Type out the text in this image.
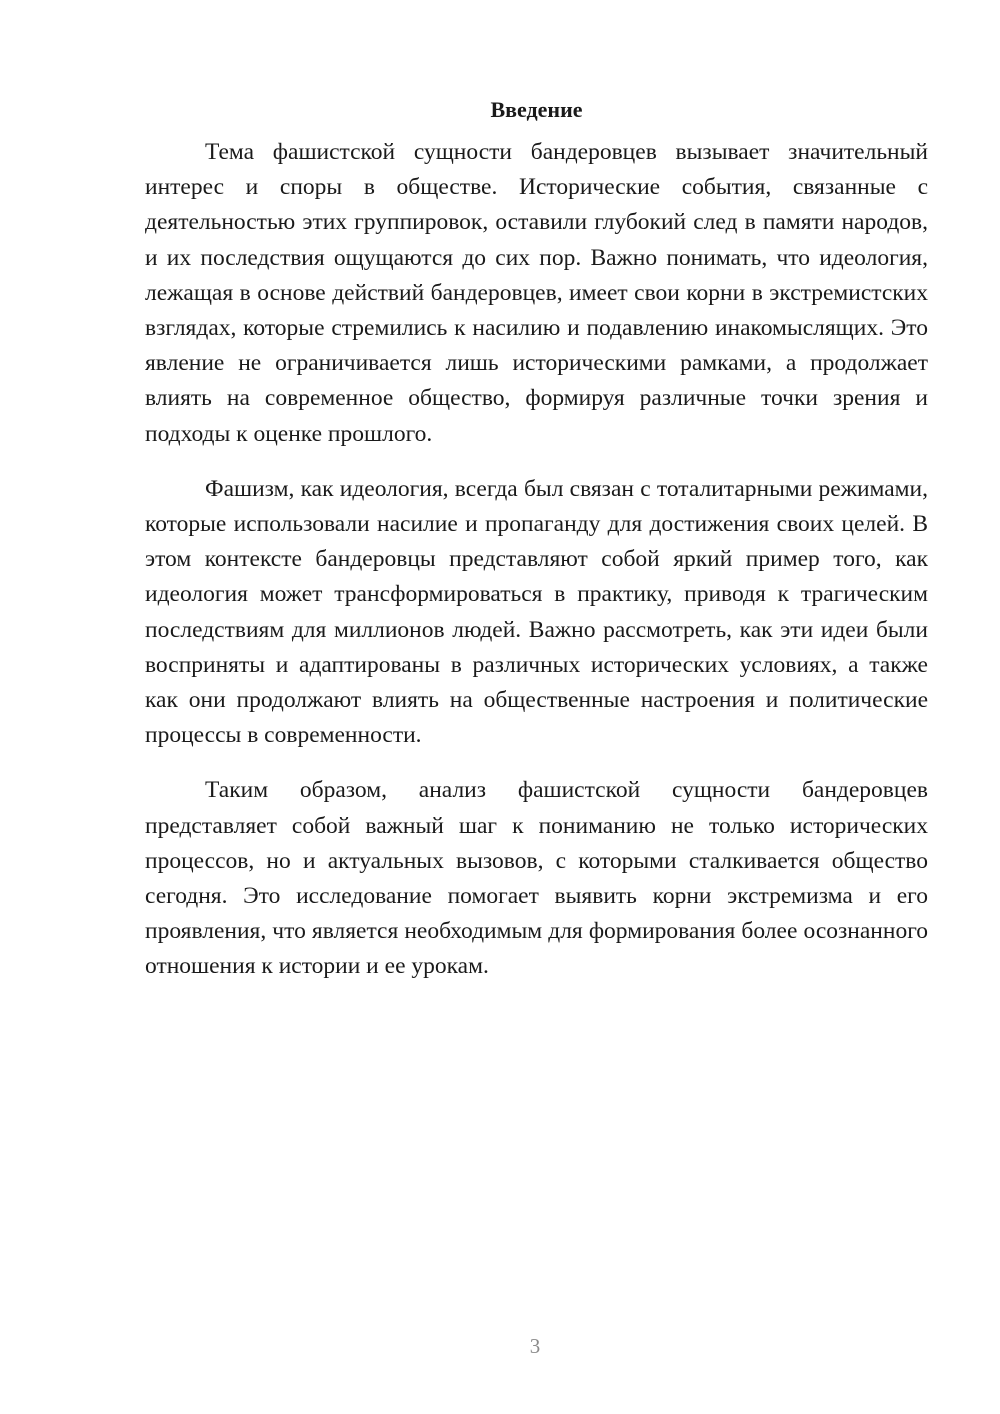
Введение

Тема фашистской сущности бандеровцев вызывает значительный интерес и споры в обществе. Исторические события, связанные с деятельностью этих группировок, оставили глубокий след в памяти народов, и их последствия ощущаются до сих пор. Важно понимать, что идеология, лежащая в основе действий бандеровцев, имеет свои корни в экстремистских взглядах, которые стремились к насилию и подавлению инакомыслящих. Это явление не ограничивается лишь историческими рамками, а продолжает влиять на современное общество, формируя различные точки зрения и подходы к оценке прошлого.

Фашизм, как идеология, всегда был связан с тоталитарными режимами, которые использовали насилие и пропаганду для достижения своих целей. В этом контексте бандеровцы представляют собой яркий пример того, как идеология может трансформироваться в практику, приводя к трагическим последствиям для миллионов людей. Важно рассмотреть, как эти идеи были восприняты и адаптированы в различных исторических условиях, а также как они продолжают влиять на общественные настроения и политические процессы в современности.

Таким образом, анализ фашистской сущности бандеровцев представляет собой важный шаг к пониманию не только исторических процессов, но и актуальных вызовов, с которыми сталкивается общество сегодня. Это исследование помогает выявить корни экстремизма и его проявления, что является необходимым для формирования более осознанного отношения к истории и ее урокам.

3
